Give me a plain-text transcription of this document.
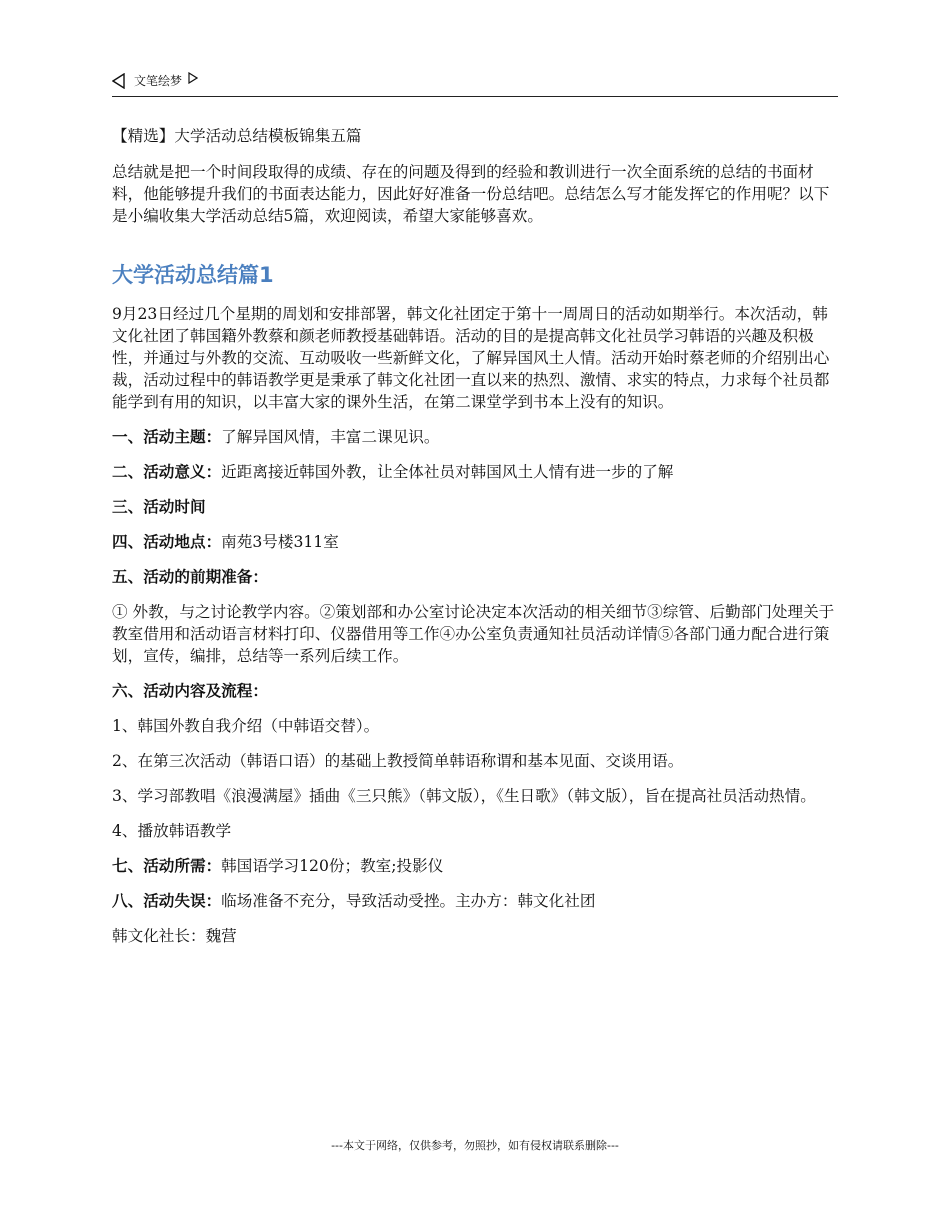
文笔绘梦

【精选】大学活动总结模板锦集五篇

总结就是把一个时间段取得的成绩、存在的问题及得到的经验和教训进行一次全面系统的总结的书面材料，他能够提升我们的书面表达能力，因此好好准备一份总结吧。总结怎么写才能发挥它的作用呢？以下是小编收集大学活动总结5篇，欢迎阅读，希望大家能够喜欢。

大学活动总结篇1

9月23日经过几个星期的周划和安排部署，韩文化社团定于第十一周周日的活动如期举行。本次活动，韩文化社团了韩国籍外教蔡和颜老师教授基础韩语。活动的目的是提高韩文化社员学习韩语的兴趣及积极性，并通过与外教的交流、互动吸收一些新鲜文化，了解异国风土人情。活动开始时蔡老师的介绍别出心裁，活动过程中的韩语教学更是秉承了韩文化社团一直以来的热烈、激情、求实的特点，力求每个社员都能学到有用的知识，以丰富大家的课外生活，在第二课堂学到书本上没有的知识。

一、活动主题：了解异国风情，丰富二课见识。

二、活动意义：近距离接近韩国外教，让全体社员对韩国风土人情有进一步的了解

三、活动时间

四、活动地点：南苑3号楼311室

五、活动的前期准备：

① 外教，与之讨论教学内容。②策划部和办公室讨论决定本次活动的相关细节③综管、后勤部门处理关于教室借用和活动语言材料打印、仪器借用等工作④办公室负责通知社员活动详情⑤各部门通力配合进行策划，宣传，编排，总结等一系列后续工作。

六、活动内容及流程：

1、韩国外教自我介绍（中韩语交替）。

2、在第三次活动（韩语口语）的基础上教授简单韩语称谓和基本见面、交谈用语。

3、学习部教唱《浪漫满屋》插曲《三只熊》（韩文版），《生日歌》（韩文版），旨在提高社员活动热情。

4、播放韩语教学

七、活动所需：韩国语学习120份；教室;投影仪

八、活动失误：临场准备不充分，导致活动受挫。主办方：韩文化社团

韩文化社长：魏营

---本文于网络，仅供参考，勿照抄，如有侵权请联系删除---
